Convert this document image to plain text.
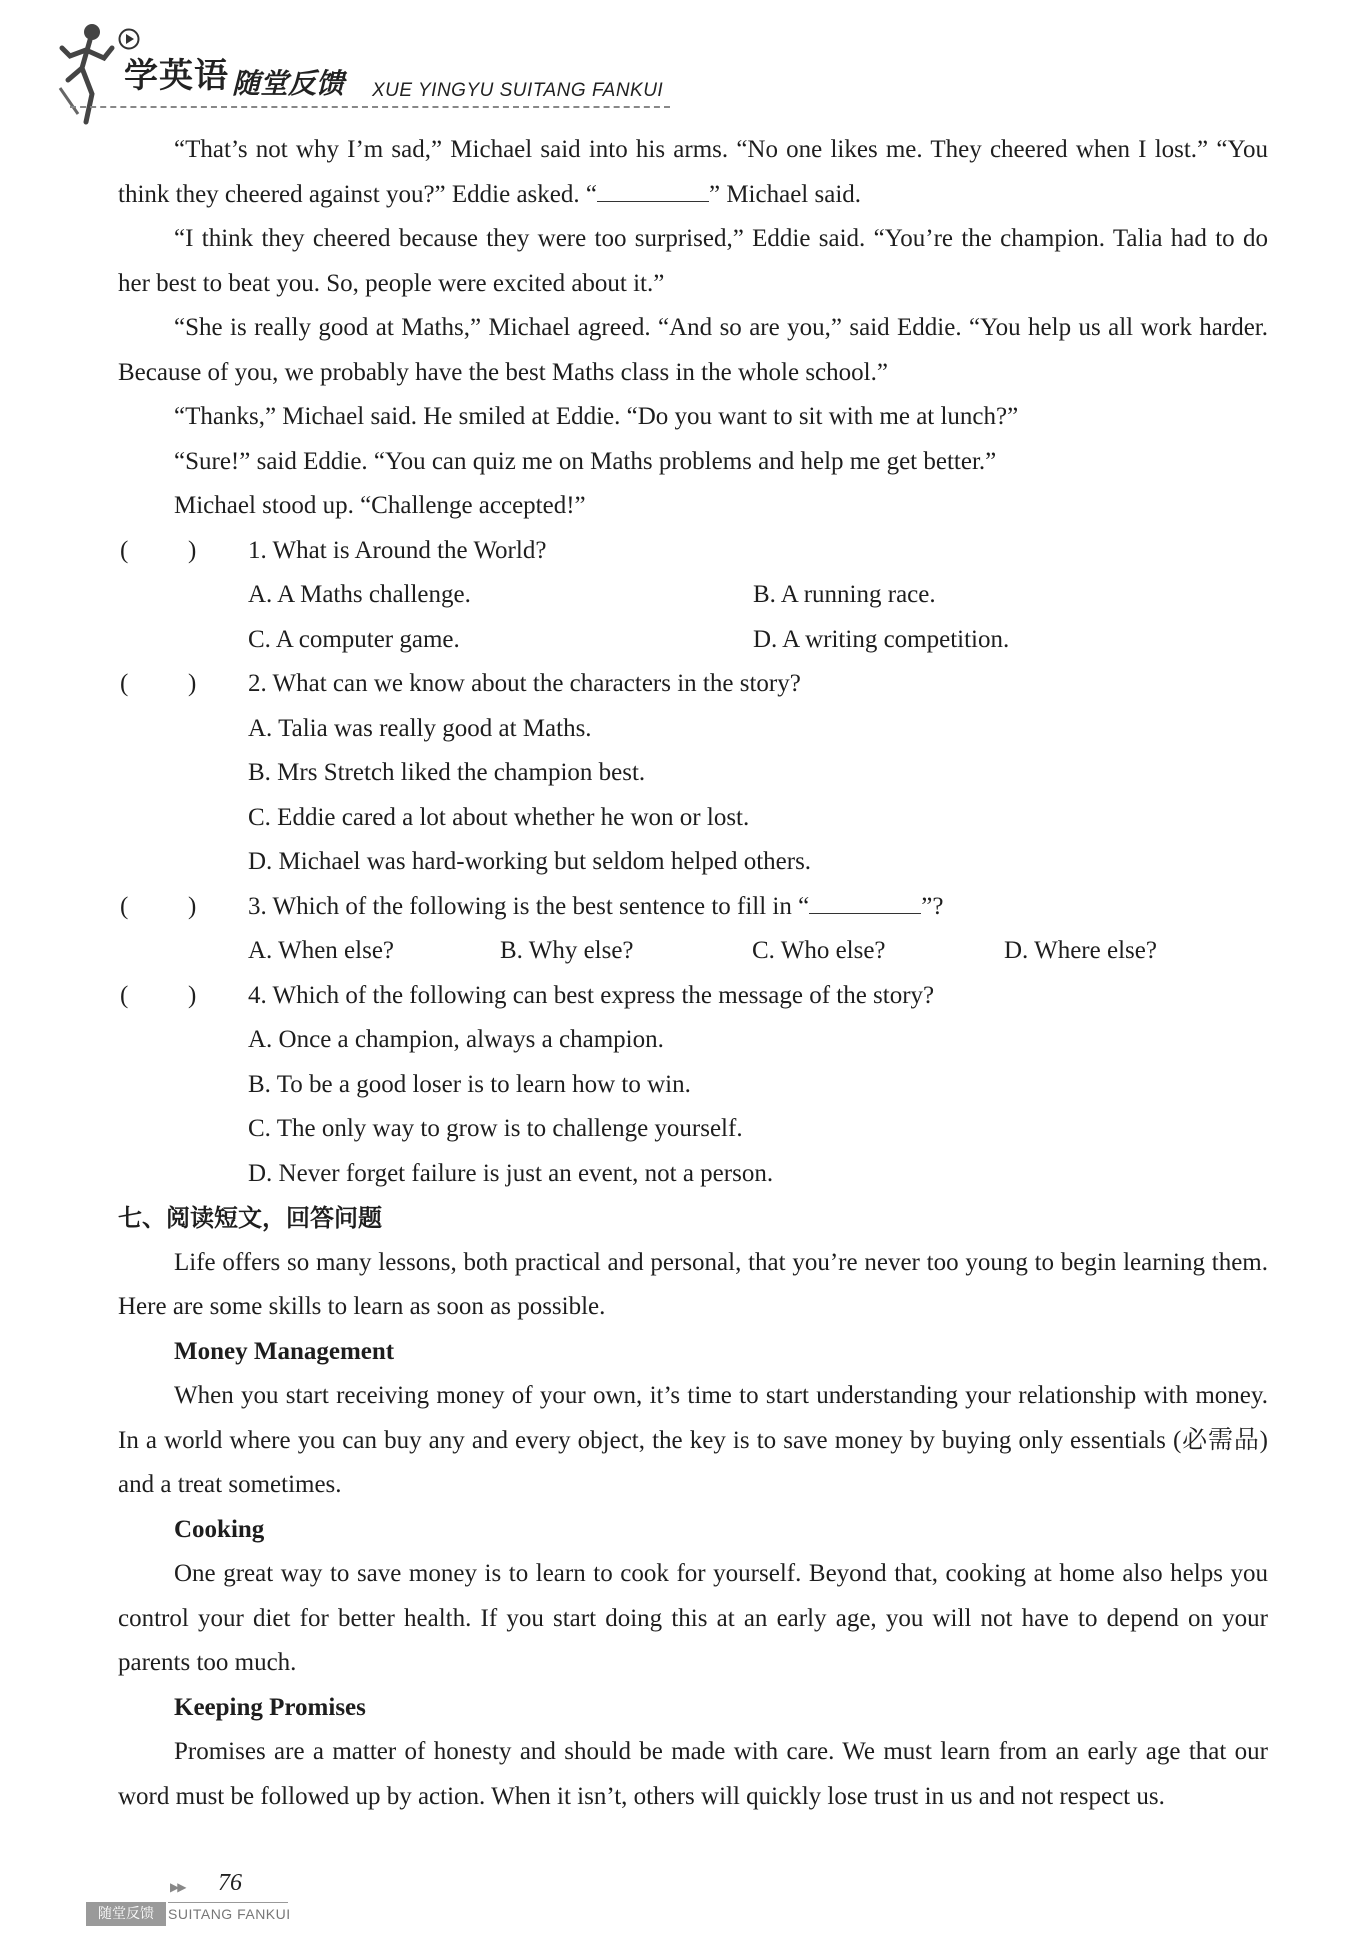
学英语 随堂反馈 XUE YINGYU SUITANG FANKUI

“That’s not why I’m sad,” Michael said into his arms. “No one likes me. They cheered when I lost.” “You think they cheered against you?” Eddie asked. “	” Michael said.

“I think they cheered because they were too surprised,” Eddie said. “You’re the champion. Talia had to do her best to beat you. So, people were excited about it.”

“She is really good at Maths,” Michael agreed. “And so are you,” said Eddie. “You help us all work harder. Because of you, we probably have the best Maths class in the whole school.”

“Thanks,” Michael said. He smiled at Eddie. “Do you want to sit with me at lunch?”

“Sure!” said Eddie. “You can quiz me on Maths problems and help me get better.”

Michael stood up. “Challenge accepted!”

( ) 1. What is Around the World?

A. A Maths challenge.	B. A running race.
C. A computer game.	D. A writing competition.

( ) 2. What can we know about the characters in the story?

A. Talia was really good at Maths.

B. Mrs Stretch liked the champion best.

C. Eddie cared a lot about whether he won or lost.

D. Michael was hard-working but seldom helped others.

( ) 3. Which of the following is the best sentence to fill in “	”?

A. When else?	B. Why else?	C. Who else?	D. Where else?

( ) 4. Which of the following can best express the message of the story?

A. Once a champion, always a champion.

B. To be a good loser is to learn how to win.

C. The only way to grow is to challenge yourself.

D. Never forget failure is just an event, not a person.

七、阅读短文，回答问题

Life offers so many lessons, both practical and personal, that you’re never too young to begin learning them. Here are some skills to learn as soon as possible.

Money Management

When you start receiving money of your own, it’s time to start understanding your relationship with money. In a world where you can buy any and every object, the key is to save money by buying only essentials (必需品) and a treat sometimes.

Cooking

One great way to save money is to learn to cook for yourself. Beyond that, cooking at home also helps you control your diet for better health. If you start doing this at an early age, you will not have to depend on your parents too much.

Keeping Promises

Promises are a matter of honesty and should be made with care. We must learn from an early age that our word must be followed up by action. When it isn’t, others will quickly lose trust in us and not respect us.

▶▶ 76
随堂反馈	SUITANG FANKUI
